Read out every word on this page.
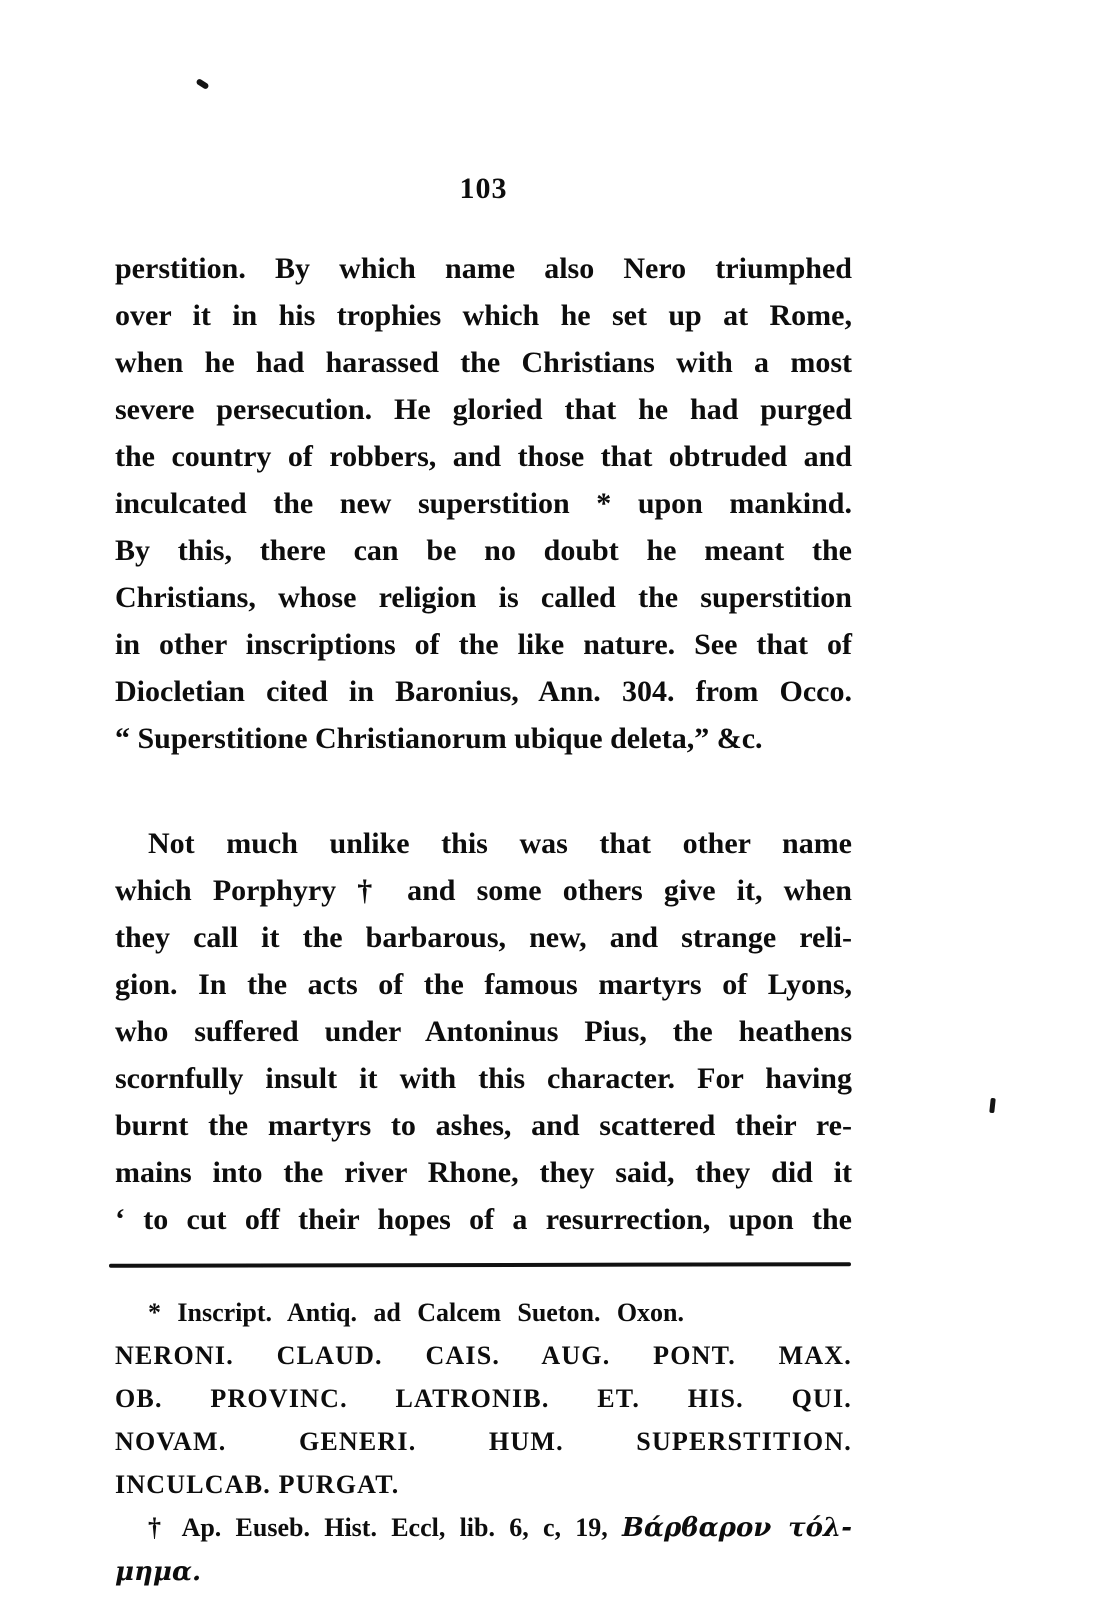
103
perstition. By which name also Nero triumphed
over it in his trophies which he set up at Rome,
when he had harassed the Christians with a most
severe persecution. He gloried that he had purged
the country of robbers, and those that obtruded and
inculcated the new superstition * upon mankind.
By this, there can be no doubt he meant the
Christians, whose religion is called the superstition
in other inscriptions of the like nature. See that of
Diocletian cited in Baronius, Ann. 304. from Occo.
“ Superstitione Christianorum ubique deleta,” &c.
Not much unlike this was that other name
which Porphyry † and some others give it, when
they call it the barbarous, new, and strange reli-
gion. In the acts of the famous martyrs of Lyons,
who suffered under Antoninus Pius, the heathens
scornfully insult it with this character. For having
burnt the martyrs to ashes, and scattered their re-
mains into the river Rhone, they said, they did it
‘ to cut off their hopes of a resurrection, upon the
* Inscript. Antiq. ad Calcem Sueton. Oxon.
NERONI. CLAUD. CAIS. AUG. PONT. MAX.
OB. PROVINC. LATRONIB. ET. HIS. QUI.
NOVAM. GENERI. HUM. SUPERSTITION.
INCULCAB. PURGAT.
† Ap. Euseb. Hist. Eccl, lib. 6, c, 19, Βάρϐαρον τόλ-
μημα.
